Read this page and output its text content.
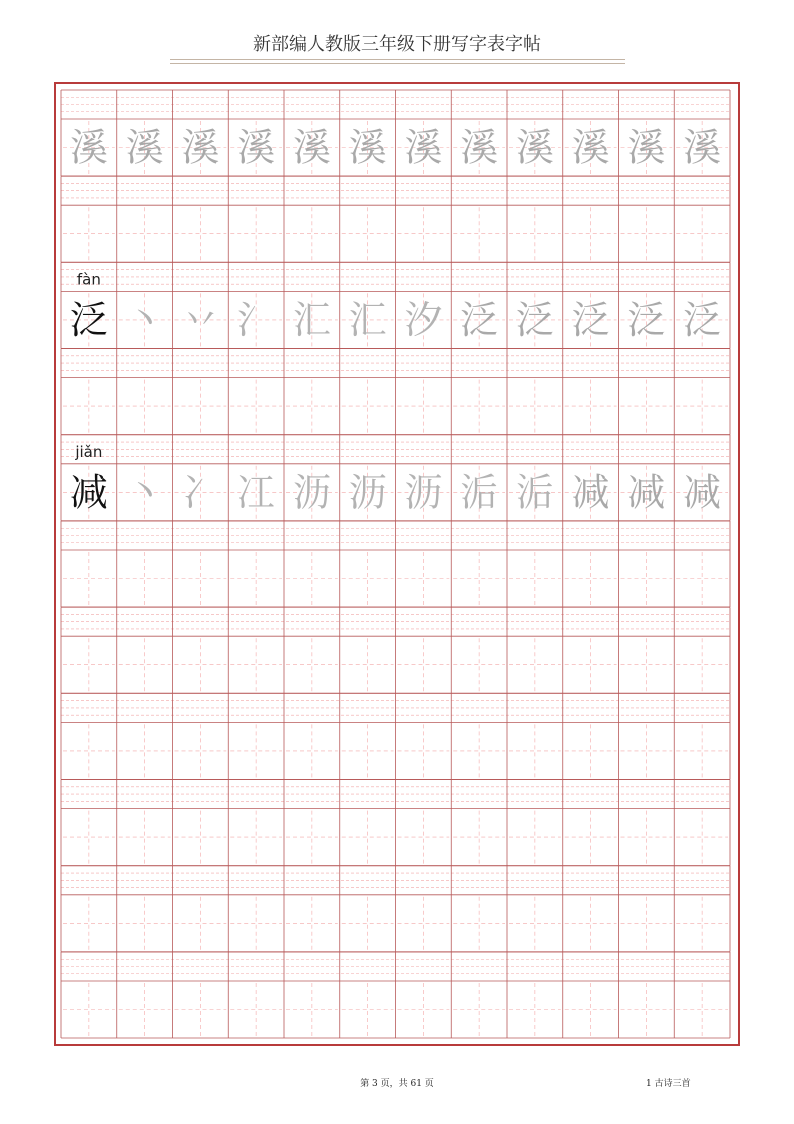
新部编人教版三年级下册写字表字帖
溪 溪 溪 溪 溪 溪 溪 溪 溪 溪 溪 溪
fàn
泛 丶 丷 氵 汇 汇 汐 泛 泛 泛 泛 泛
jiǎn
减 丶 冫 冮 沥 沥 沥 洉 洉 减 减 减
第 3 页，共 61 页	1 古诗三首
